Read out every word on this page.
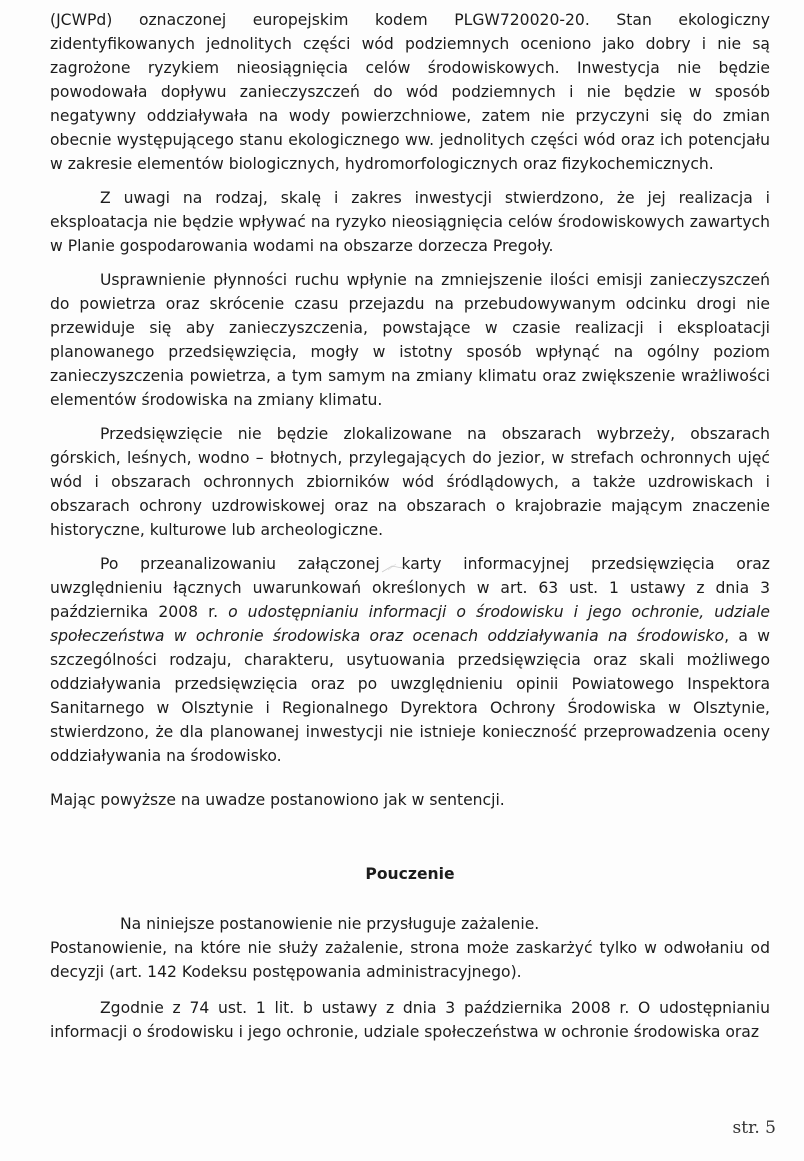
(JCWPd) oznaczonej europejskim kodem PLGW720020-20. Stan ekologiczny zidentyfikowanych jednolitych części wód podziemnych oceniono jako dobry i nie są zagrożone ryzykiem nieosiągnięcia celów środowiskowych. Inwestycja nie będzie powodowała dopływu zanieczyszczeń do wód podziemnych i nie będzie w sposób negatywny oddziaływała na wody powierzchniowe, zatem nie przyczyni się do zmian obecnie występującego stanu ekologicznego ww. jednolitych części wód oraz ich potencjału w zakresie elementów biologicznych, hydromorfologicznych oraz fizykochemicznych.

Z uwagi na rodzaj, skalę i zakres inwestycji stwierdzono, że jej realizacja i eksploatacja nie będzie wpływać na ryzyko nieosiągnięcia celów środowiskowych zawartych w Planie gospodarowania wodami na obszarze dorzecza Pregoły.

Usprawnienie płynności ruchu wpłynie na zmniejszenie ilości emisji zanieczyszczeń do powietrza oraz skrócenie czasu przejazdu na przebudowywanym odcinku drogi nie przewiduje się aby zanieczyszczenia, powstające w czasie realizacji i eksploatacji planowanego przedsięwzięcia, mogły w istotny sposób wpłynąć na ogólny poziom zanieczyszczenia powietrza, a tym samym na zmiany klimatu oraz zwiększenie wrażliwości elementów środowiska na zmiany klimatu.

Przedsięwzięcie nie będzie zlokalizowane na obszarach wybrzeży, obszarach górskich, leśnych, wodno – błotnych, przylegających do jezior, w strefach ochronnych ujęć wód i obszarach ochronnych zbiorników wód śródlądowych, a także uzdrowiskach i obszarach ochrony uzdrowiskowej oraz na obszarach o krajobrazie mającym znaczenie historyczne, kulturowe lub archeologiczne.

Po przeanalizowaniu załączonej karty informacyjnej przedsięwzięcia oraz uwzględnieniu łącznych uwarunkowań określonych w art. 63 ust. 1 ustawy z dnia 3 października 2008 r. o udostępnianiu informacji o środowisku i jego ochronie, udziale społeczeństwa w ochronie środowiska oraz ocenach oddziaływania na środowisko, a w szczególności rodzaju, charakteru, usytuowania przedsięwzięcia oraz skali możliwego oddziaływania przedsięwzięcia oraz po uwzględnieniu opinii Powiatowego Inspektora Sanitarnego w Olsztynie i Regionalnego Dyrektora Ochrony Środowiska w Olsztynie, stwierdzono, że dla planowanej inwestycji nie istnieje konieczność przeprowadzenia oceny oddziaływania na środowisko.

Mając powyższe na uwadze postanowiono jak w sentencji.

Pouczenie

Na niniejsze postanowienie nie przysługuje zażalenie.

Postanowienie, na które nie służy zażalenie, strona może zaskarżyć tylko w odwołaniu od decyzji (art. 142 Kodeksu postępowania administracyjnego).

Zgodnie z 74 ust. 1 lit. b ustawy z dnia 3 października 2008 r. O udostępnianiu informacji o środowisku i jego ochronie, udziale społeczeństwa w ochronie środowiska oraz

str. 5
